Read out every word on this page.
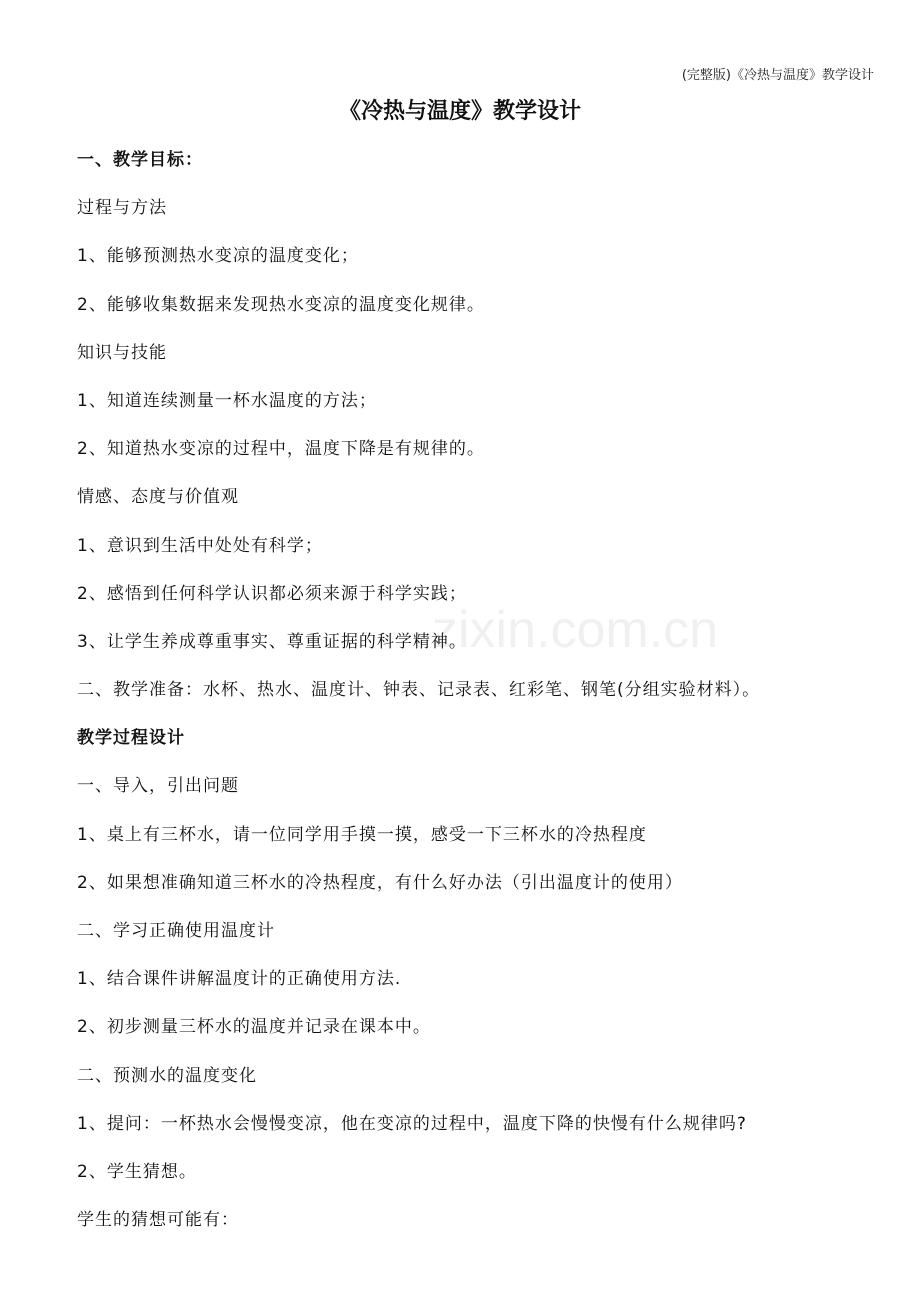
(完整版)《冷热与温度》教学设计
《冷热与温度》教学设计
一、教学目标：
过程与方法
1、能够预测热水变凉的温度变化；
2、能够收集数据来发现热水变凉的温度变化规律。
知识与技能
1、知道连续测量一杯水温度的方法；
2、知道热水变凉的过程中，温度下降是有规律的。
情感、态度与价值观
1、意识到生活中处处有科学；
2、感悟到任何科学认识都必须来源于科学实践；
3、让学生养成尊重事实、尊重证据的科学精神。
二、教学准备：水杯、热水、温度计、钟表、记录表、红彩笔、钢笔(分组实验材料）。
教学过程设计
一、导入，引出问题
1、桌上有三杯水，请一位同学用手摸一摸，感受一下三杯水的冷热程度
2、如果想准确知道三杯水的冷热程度，有什么好办法（引出温度计的使用）
二、学习正确使用温度计
1、结合课件讲解温度计的正确使用方法.
2、初步测量三杯水的温度并记录在课本中。
二、预测水的温度变化
1、提问：一杯热水会慢慢变凉，他在变凉的过程中，温度下降的快慢有什么规律吗?
2、学生猜想。
学生的猜想可能有：
zixin.com.cn
